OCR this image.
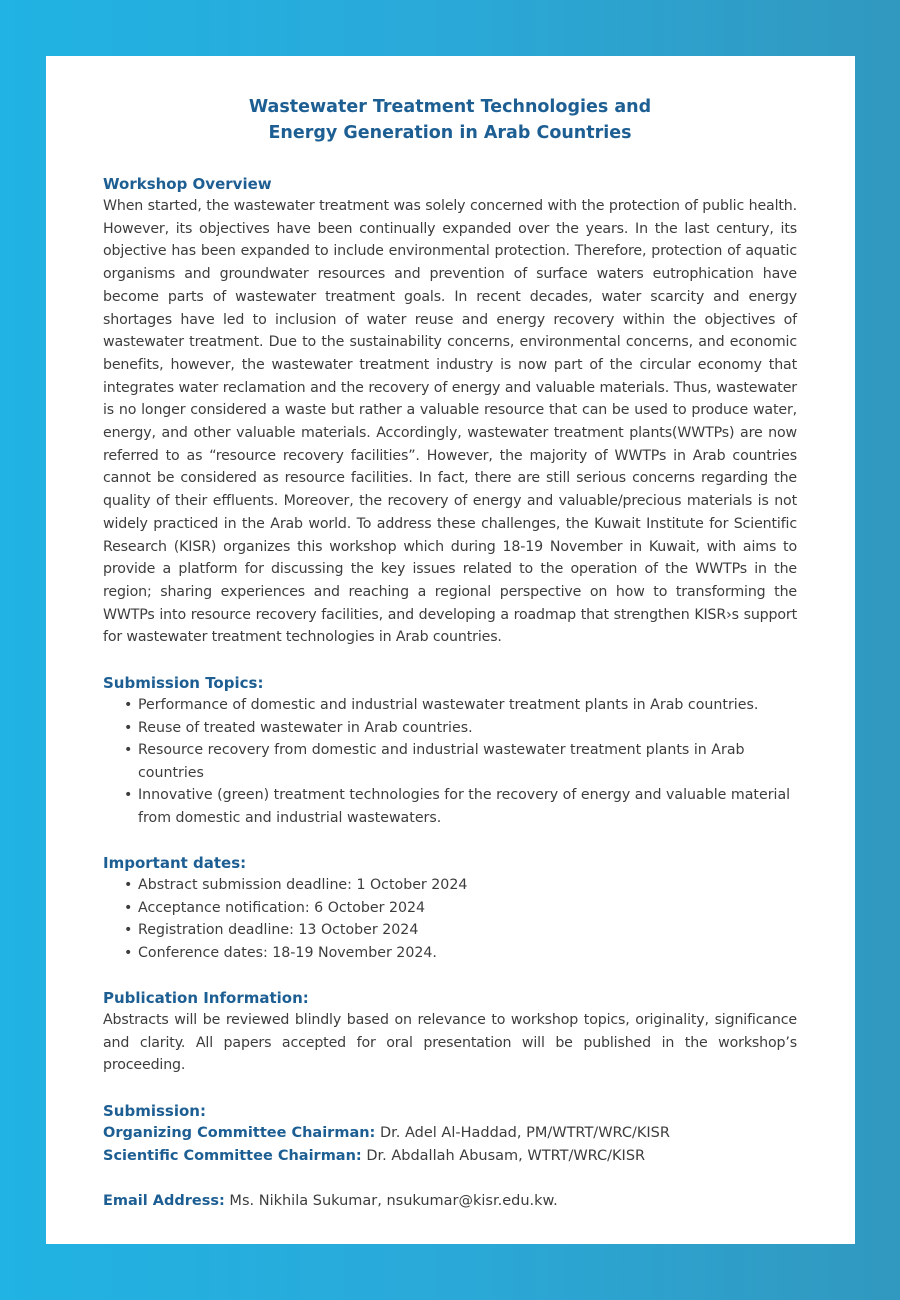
Wastewater Treatment Technologies and
Energy Generation in Arab Countries

Workshop Overview

When started, the wastewater treatment was solely concerned with the protection of public health. However, its objectives have been continually expanded over the years. In the last century, its objective has been expanded to include environmental protection. Therefore, protection of aquatic organisms and groundwater resources and prevention of surface waters eutrophication have become parts of wastewater treatment goals. In recent decades, water scarcity and energy shortages have led to inclusion of water reuse and energy recovery within the objectives of wastewater treatment. Due to the sustainability concerns, environmental concerns, and economic benefits, however, the wastewater treatment industry is now part of the circular economy that integrates water reclamation and the recovery of energy and valuable materials. Thus, wastewater is no longer considered a waste but rather a valuable resource that can be used to produce water, energy, and other valuable materials. Accordingly, wastewater treatment plants(WWTPs) are now referred to as “resource recovery facilities”. However, the majority of WWTPs in Arab countries cannot be considered as resource facilities. In fact, there are still serious concerns regarding the quality of their effluents. Moreover, the recovery of energy and valuable/precious materials is not widely practiced in the Arab world. To address these challenges, the Kuwait Institute for Scientific Research (KISR) organizes this workshop which during 18-19 November in Kuwait, with aims to provide a platform for discussing the key issues related to the operation of the WWTPs in the region; sharing experiences and reaching a regional perspective on how to transforming the WWTPs into resource recovery facilities, and developing a roadmap that strengthen KISR›s support for wastewater treatment technologies in Arab countries.

Submission Topics:

• Performance of domestic and industrial wastewater treatment plants in Arab countries.
• Reuse of treated wastewater in Arab countries.
• Resource recovery from domestic and industrial wastewater treatment plants in Arab countries
• Innovative (green) treatment technologies for the recovery of energy and valuable material from domestic and industrial wastewaters.

Important dates:

• Abstract submission deadline: 1 October 2024
• Acceptance notification: 6 October 2024
• Registration deadline: 13 October 2024
• Conference dates: 18-19 November 2024.

Publication Information:

Abstracts will be reviewed blindly based on relevance to workshop topics, originality, significance and clarity. All papers accepted for oral presentation will be published in the workshop’s proceeding.

Submission:

Organizing Committee Chairman: Dr. Adel Al-Haddad, PM/WTRT/WRC/KISR

Scientific Committee Chairman: Dr. Abdallah Abusam, WTRT/WRC/KISR

Email Address: Ms. Nikhila Sukumar, nsukumar@kisr.edu.kw.
